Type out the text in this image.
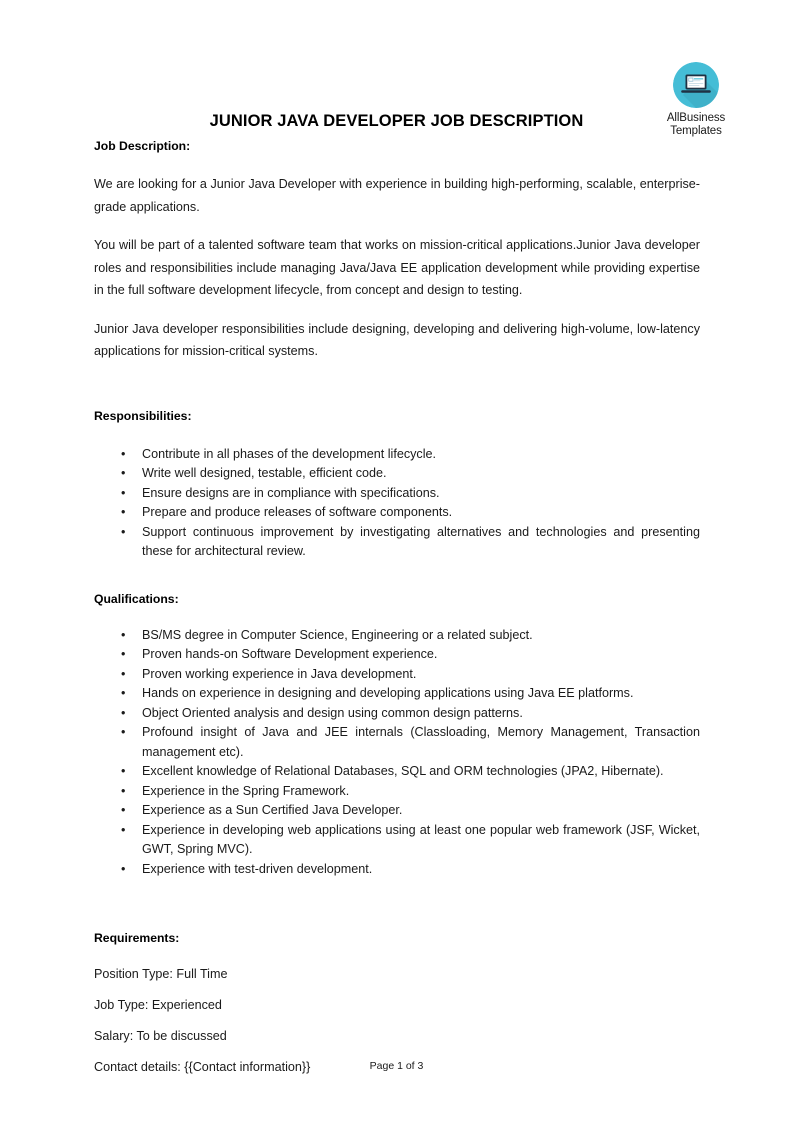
AllBusiness
Templates
JUNIOR JAVA DEVELOPER JOB DESCRIPTION
Job Description:

We are looking for a Junior Java Developer with experience in building high-performing, scalable, enterprise-grade applications.

You will be part of a talented software team that works on mission-critical applications.Junior Java developer roles and responsibilities include managing Java/Java EE application development while providing expertise in the full software development lifecycle, from concept and design to testing.

Junior Java developer responsibilities include designing, developing and delivering high-volume, low-latency applications for mission-critical systems.

Responsibilities:
• Contribute in all phases of the development lifecycle.
• Write well designed, testable, efficient code.
• Ensure designs are in compliance with specifications.
• Prepare and produce releases of software components.
• Support continuous improvement by investigating alternatives and technologies and presenting these for architectural review.
Qualifications:
• BS/MS degree in Computer Science, Engineering or a related subject.
• Proven hands-on Software Development experience.
• Proven working experience in Java development.
• Hands on experience in designing and developing applications using Java EE platforms.
• Object Oriented analysis and design using common design patterns.
• Profound insight of Java and JEE internals (Classloading, Memory Management, Transaction management etc).
• Excellent knowledge of Relational Databases, SQL and ORM technologies (JPA2, Hibernate).
• Experience in the Spring Framework.
• Experience as a Sun Certified Java Developer.
• Experience in developing web applications using at least one popular web framework (JSF, Wicket, GWT, Spring MVC).
• Experience with test-driven development.
Requirements:

Position Type: Full Time

Job Type: Experienced

Salary: To be discussed

Contact details: {{Contact information}}	Page 1 of 3
